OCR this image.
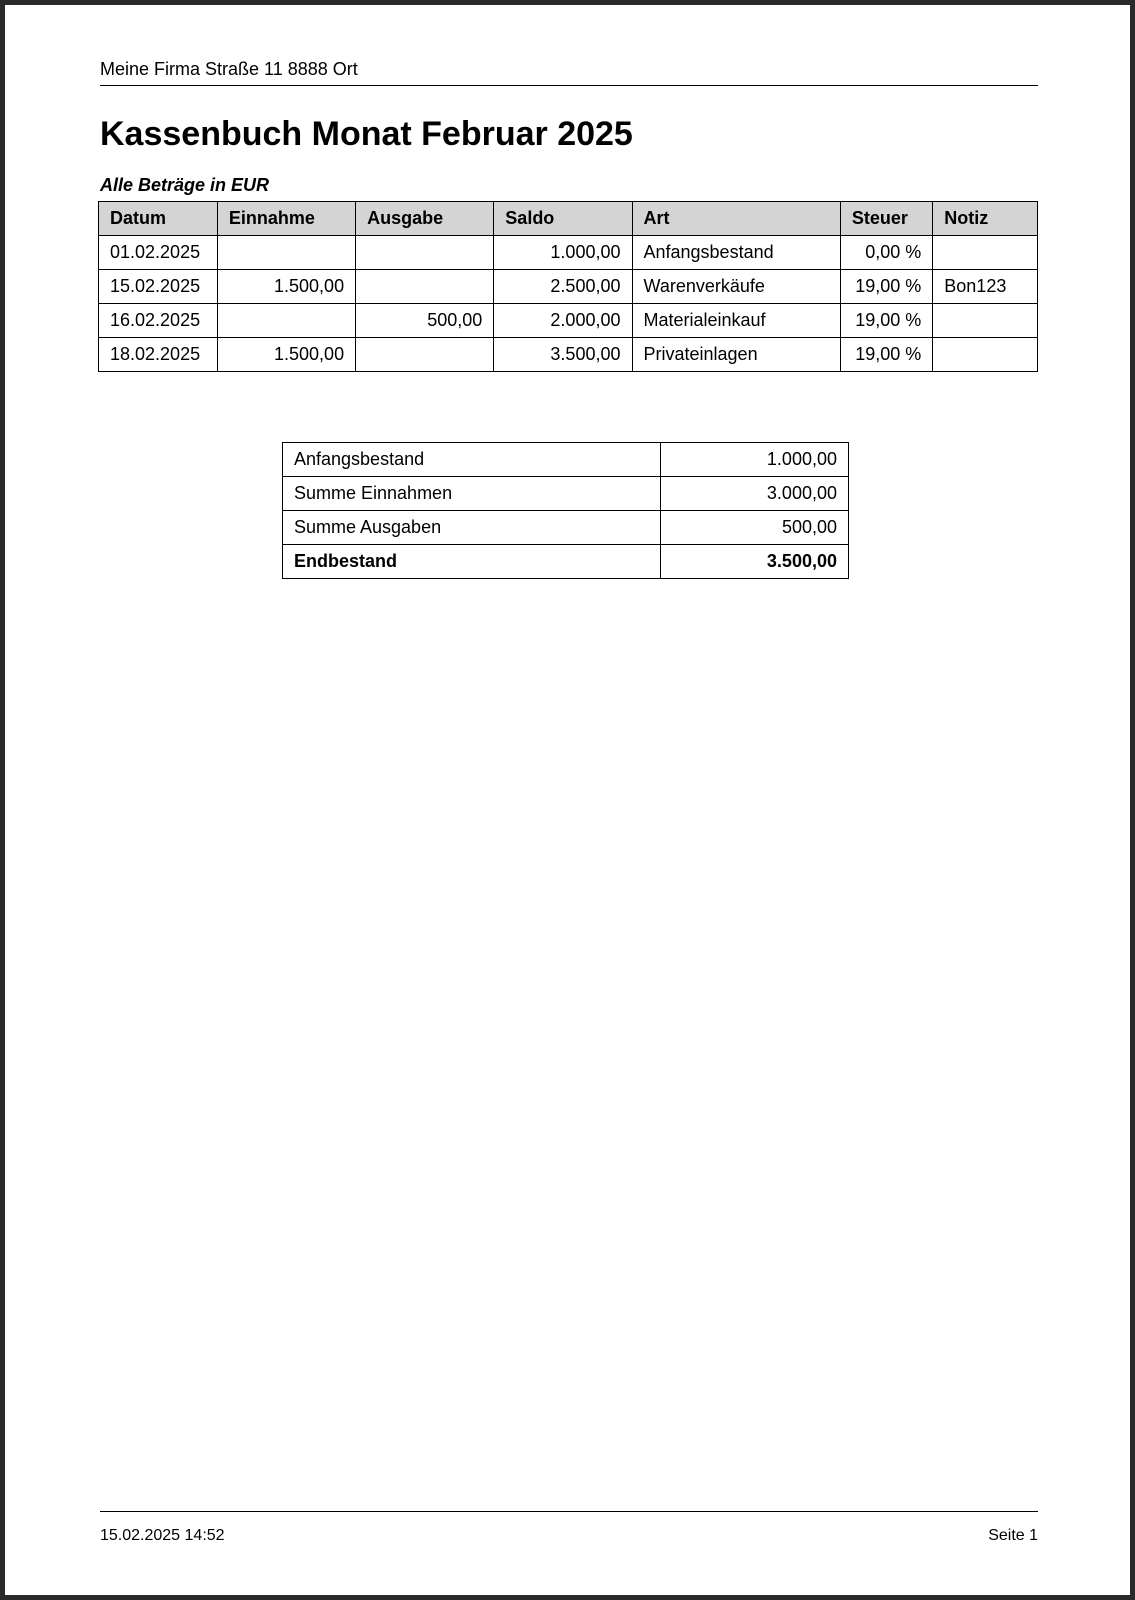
Meine Firma Straße 11 8888 Ort
Kassenbuch Monat Februar 2025
Alle Beträge in EUR
Datum	Einnahme	Ausgabe	Saldo	Art	Steuer	Notiz
01.02.2025			1.000,00	Anfangsbestand	0,00 %	
15.02.2025	1.500,00		2.500,00	Warenverkäufe	19,00 %	Bon123
16.02.2025		500,00	2.000,00	Materialeinkauf	19,00 %	
18.02.2025	1.500,00		3.500,00	Privateinlagen	19,00 %	
Anfangsbestand	1.000,00
Summe Einnahmen	3.000,00
Summe Ausgaben	500,00
Endbestand	3.500,00
15.02.2025 14:52	Seite 1
